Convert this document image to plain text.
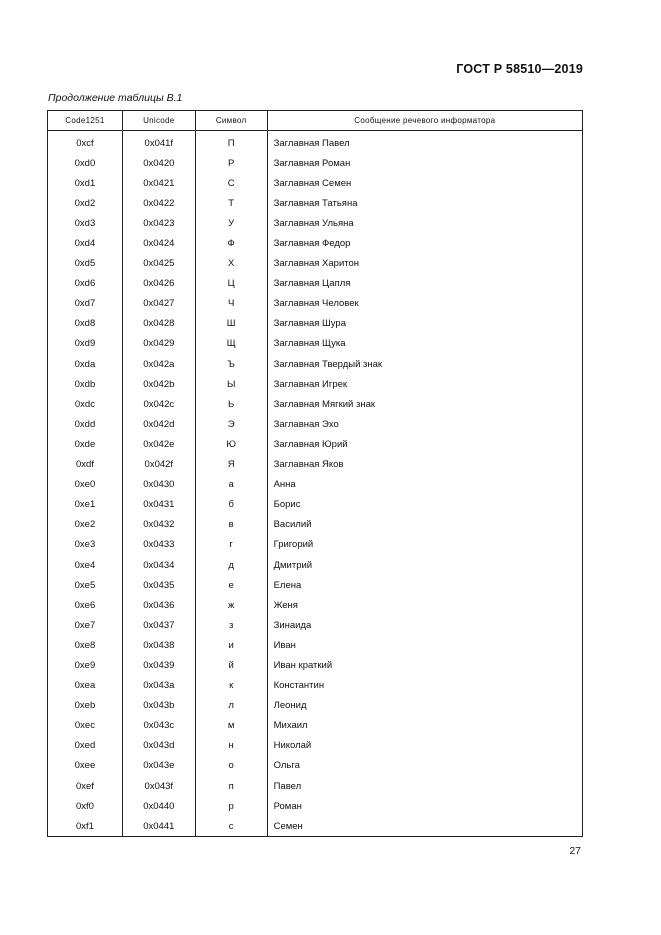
ГОСТ Р 58510—2019
Продолжение таблицы В.1
Code1251	Unicode	Символ	Сообщение речевого информатора
0xcf	0x041f	П	Заглавная Павел
0xd0	0x0420	Р	Заглавная Роман
0xd1	0x0421	С	Заглавная Семен
0xd2	0x0422	Т	Заглавная Татьяна
0xd3	0x0423	У	Заглавная Ульяна
0xd4	0x0424	Ф	Заглавная Федор
0xd5	0x0425	Х	Заглавная Харитон
0xd6	0x0426	Ц	Заглавная Цапля
0xd7	0x0427	Ч	Заглавная Человек
0xd8	0x0428	Ш	Заглавная Шура
0xd9	0x0429	Щ	Заглавная Щука
0xda	0x042a	Ъ	Заглавная Твердый знак
0xdb	0x042b	Ы	Заглавная Игрек
0xdc	0x042c	Ь	Заглавная Мягкий знак
0xdd	0x042d	Э	Заглавная Эхо
0xde	0x042e	Ю	Заглавная Юрий
0xdf	0x042f	Я	Заглавная Яков
0xe0	0x0430	а	Анна
0xe1	0x0431	б	Борис
0xe2	0x0432	в	Василий
0xe3	0x0433	г	Григорий
0xe4	0x0434	д	Дмитрий
0xe5	0x0435	е	Елена
0xe6	0x0436	ж	Женя
0xe7	0x0437	з	Зинаида
0xe8	0x0438	и	Иван
0xe9	0x0439	й	Иван краткий
0xea	0x043a	к	Константин
0xeb	0x043b	л	Леонид
0xec	0x043c	м	Михаил
0xed	0x043d	н	Николай
0xee	0x043e	о	Ольга
0xef	0x043f	п	Павел
0xf0	0x0440	р	Роман
0xf1	0x0441	с	Семен
27
